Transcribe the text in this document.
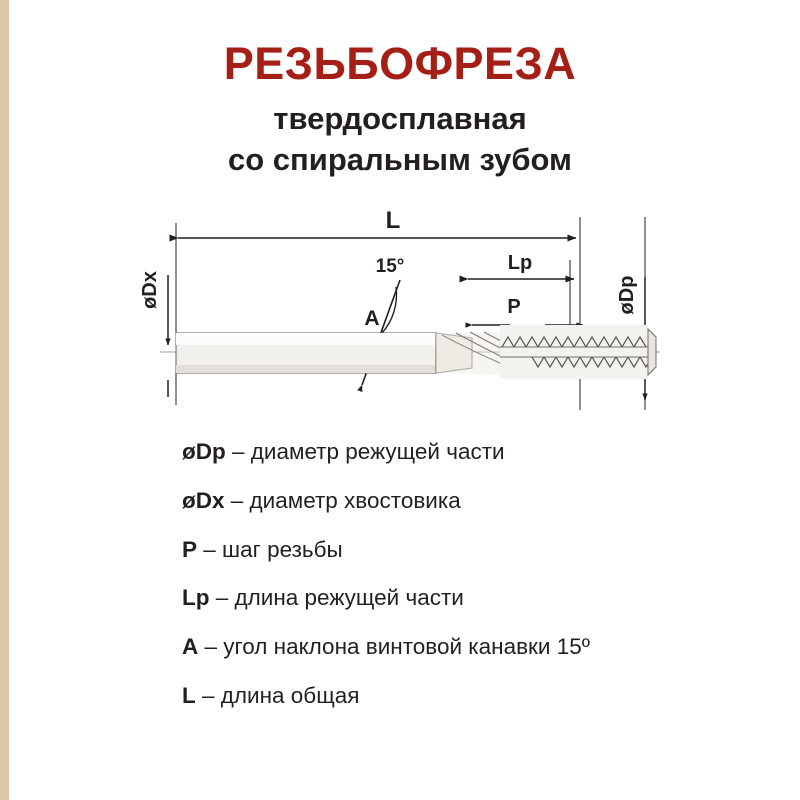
РЕЗЬБОФРЕЗА
твердосплавная
со спиральным зубом
L
Lp
P
øDx	øDp
A
15°
øDp – диаметр режущей части
øDx – диаметр хвостовика
P – шаг резьбы
Lp – длина режущей части
A – угол наклона винтовой канавки 15º
L – длина общая
